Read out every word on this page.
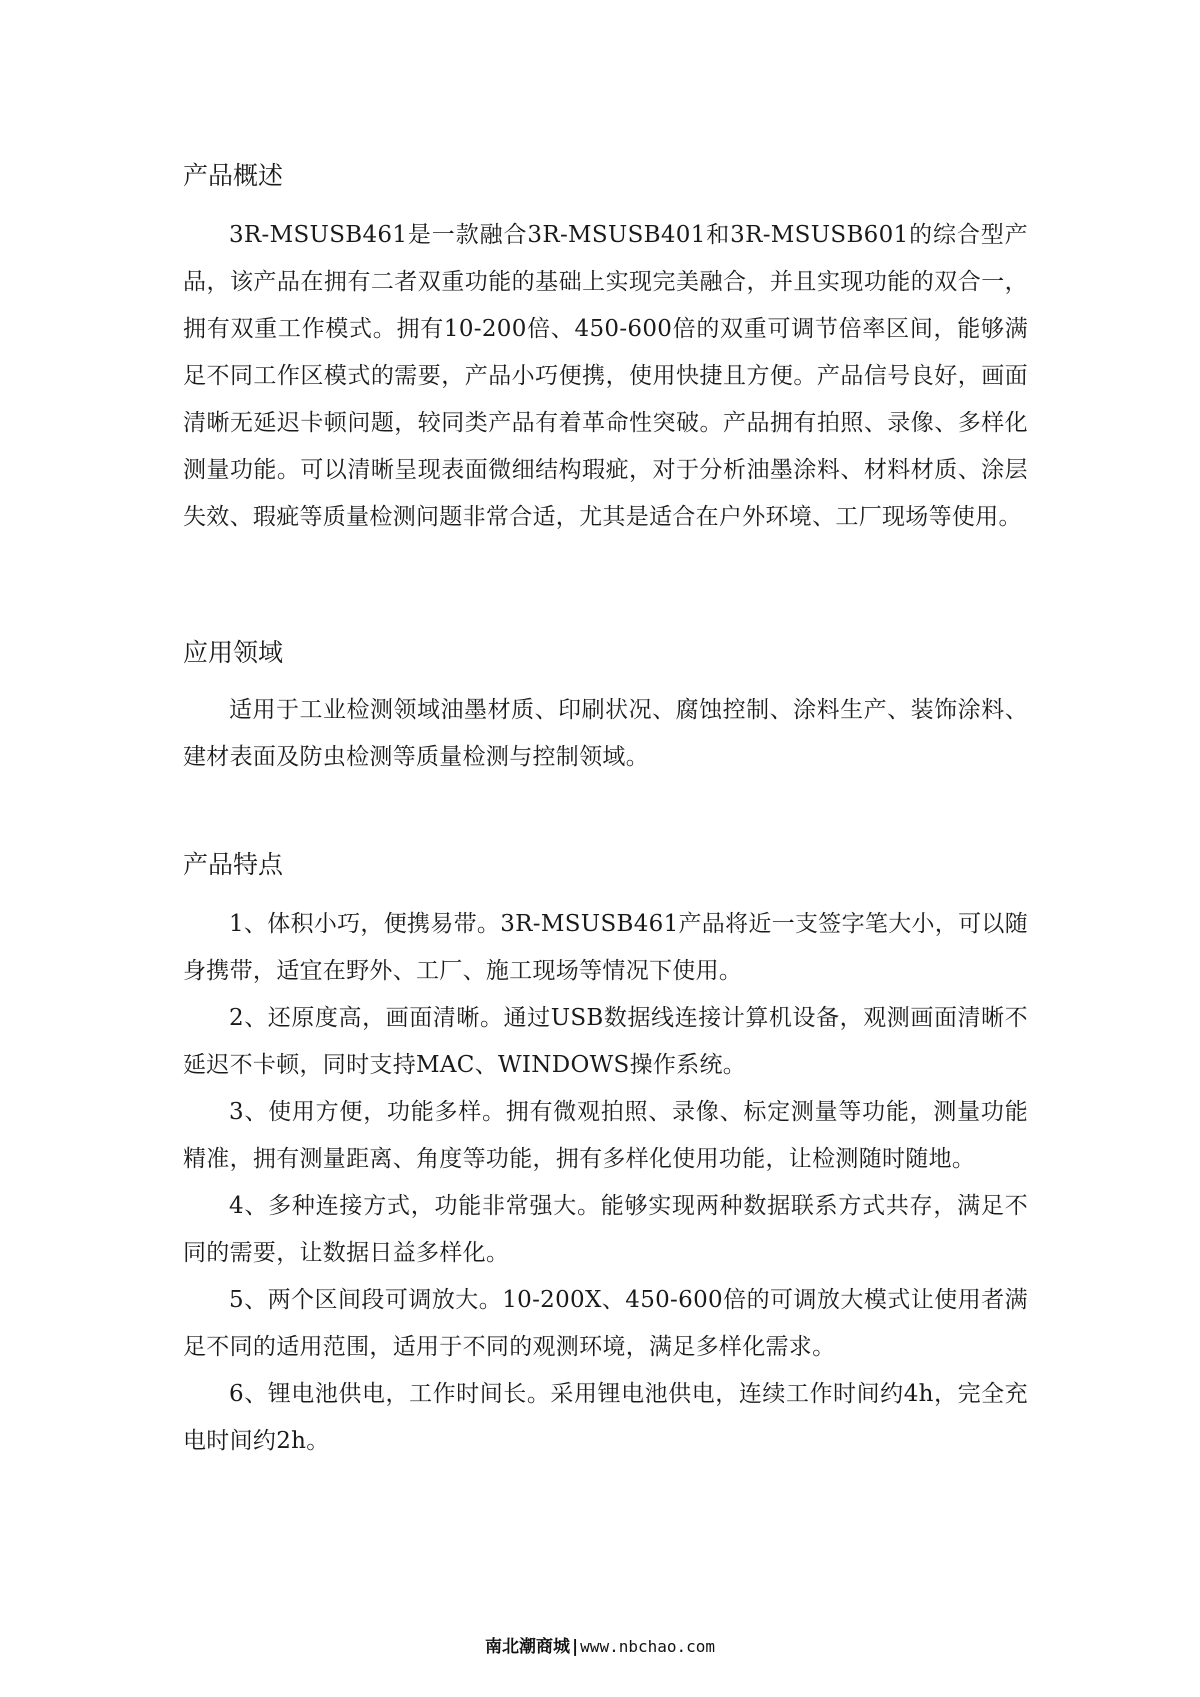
产品概述

3R-MSUSB461是一款融合3R-MSUSB401和3R-MSUSB601的综合型产品，该产品在拥有二者双重功能的基础上实现完美融合，并且实现功能的双合一，拥有双重工作模式。拥有10-200倍、450-600倍的双重可调节倍率区间，能够满足不同工作区模式的需要，产品小巧便携，使用快捷且方便。产品信号良好，画面清晰无延迟卡顿问题，较同类产品有着革命性突破。产品拥有拍照、录像、多样化测量功能。可以清晰呈现表面微细结构瑕疵，对于分析油墨涂料、材料材质、涂层失效、瑕疵等质量检测问题非常合适，尤其是适合在户外环境、工厂现场等使用。

应用领域

适用于工业检测领域油墨材质、印刷状况、腐蚀控制、涂料生产、装饰涂料、建材表面及防虫检测等质量检测与控制领域。

产品特点

1、体积小巧，便携易带。3R-MSUSB461产品将近一支签字笔大小，可以随身携带，适宜在野外、工厂、施工现场等情况下使用。

2、还原度高，画面清晰。通过USB数据线连接计算机设备，观测画面清晰不延迟不卡顿，同时支持MAC、WINDOWS操作系统。

3、使用方便，功能多样。拥有微观拍照、录像、标定测量等功能，测量功能精准，拥有测量距离、角度等功能，拥有多样化使用功能，让检测随时随地。

4、多种连接方式，功能非常强大。能够实现两种数据联系方式共存，满足不同的需要，让数据日益多样化。

5、两个区间段可调放大。10-200X、450-600倍的可调放大模式让使用者满足不同的适用范围，适用于不同的观测环境，满足多样化需求。

6、锂电池供电，工作时间长。采用锂电池供电，连续工作时间约4h，完全充电时间约2h。

南北潮商城 | www.nbchao.com
